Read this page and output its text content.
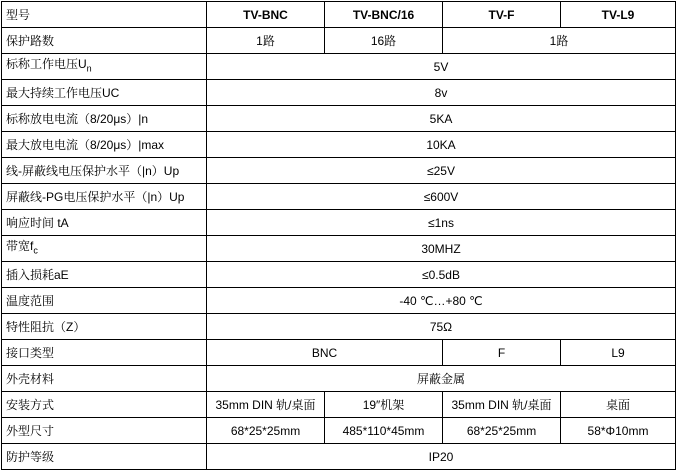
型号	TV-BNC	TV-BNC/16	TV-F	TV-L9
保护路数	1路	16路	1路	
标称工作电压$U_n$	5V			
最大持续工作电压UC	8v			
标称放电电流（8/20μs）|n	5KA			
最大放电电流（8/20μs）|max	10KA			
线-屏蔽线电压保护水平（|n）Up	≤25V			
屏蔽线-PG电压保护水平（|n）Up	≤600V			
响应时间 tA	≤1ns			
带宽$f_c$	30MHZ			
插入损耗aE	≤0.5dB			
温度范围	-40 ℃…+80 ℃			
特性阻抗（Z）	75Ω			
接口类型	BNC		F	L9
外壳材料	屏蔽金属			
安装方式	35mm DIN 轨/桌面	19″机架	35mm DIN 轨/桌面	桌面
外型尺寸	68*25*25mm	485*110*45mm	68*25*25mm	58*Φ10mm
防护等级	IP20			
